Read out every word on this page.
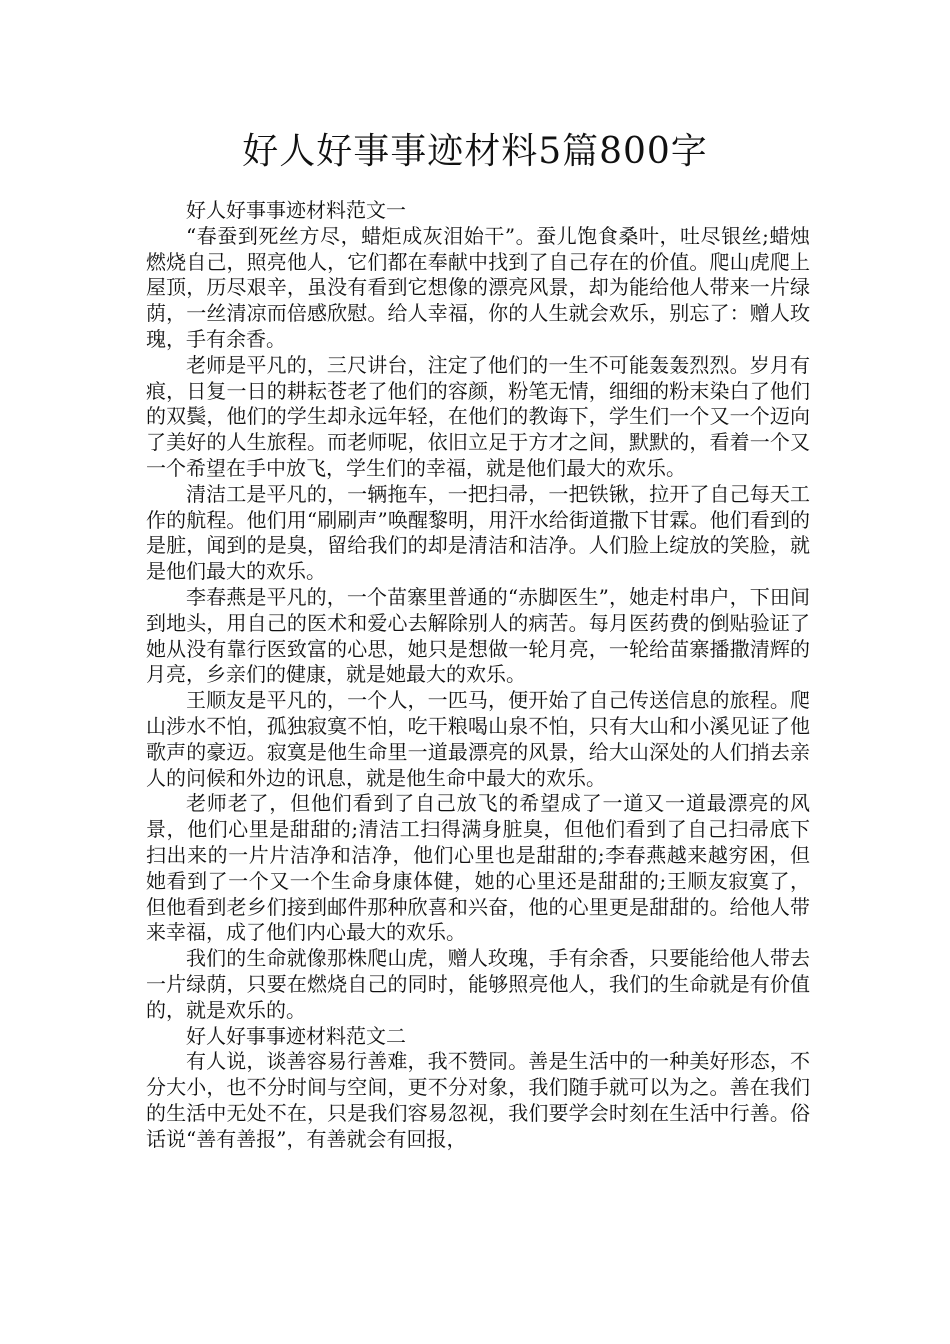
好人好事事迹材料5篇800字

好人好事事迹材料范文一

“春蚕到死丝方尽，蜡炬成灰泪始干”。蚕儿饱食桑叶，吐尽银丝;蜡烛燃烧自己，照亮他人，它们都在奉献中找到了自己存在的价值。爬山虎爬上屋顶，历尽艰辛，虽没有看到它想像的漂亮风景，却为能给他人带来一片绿荫，一丝清凉而倍感欣慰。给人幸福，你的人生就会欢乐，别忘了：赠人玫瑰，手有余香。

老师是平凡的，三尺讲台，注定了他们的一生不可能轰轰烈烈。岁月有痕，日复一日的耕耘苍老了他们的容颜，粉笔无情，细细的粉末染白了他们的双鬓，他们的学生却永远年轻，在他们的教诲下，学生们一个又一个迈向了美好的人生旅程。而老师呢，依旧立足于方才之间，默默的，看着一个又一个希望在手中放飞，学生们的幸福，就是他们最大的欢乐。

清洁工是平凡的，一辆拖车，一把扫帚，一把铁锹，拉开了自己每天工作的航程。他们用“刷刷声”唤醒黎明，用汗水给街道撒下甘霖。他们看到的是脏，闻到的是臭，留给我们的却是清洁和洁净。人们脸上绽放的笑脸，就是他们最大的欢乐。

李春燕是平凡的，一个苗寨里普通的“赤脚医生”，她走村串户，下田间到地头，用自己的医术和爱心去解除别人的病苦。每月医药费的倒贴验证了她从没有靠行医致富的心思，她只是想做一轮月亮，一轮给苗寨播撒清辉的月亮，乡亲们的健康，就是她最大的欢乐。

王顺友是平凡的，一个人，一匹马，便开始了自己传送信息的旅程。爬山涉水不怕，孤独寂寞不怕，吃干粮喝山泉不怕，只有大山和小溪见证了他歌声的豪迈。寂寞是他生命里一道最漂亮的风景，给大山深处的人们捎去亲人的问候和外边的讯息，就是他生命中最大的欢乐。

老师老了，但他们看到了自己放飞的希望成了一道又一道最漂亮的风景，他们心里是甜甜的;清洁工扫得满身脏臭，但他们看到了自己扫帚底下扫出来的一片片洁净和洁净，他们心里也是甜甜的;李春燕越来越穷困，但她看到了一个又一个生命身康体健，她的心里还是甜甜的;王顺友寂寞了，但他看到老乡们接到邮件那种欣喜和兴奋，他的心里更是甜甜的。给他人带来幸福，成了他们内心最大的欢乐。

我们的生命就像那株爬山虎，赠人玫瑰，手有余香，只要能给他人带去一片绿荫，只要在燃烧自己的同时，能够照亮他人，我们的生命就是有价值的，就是欢乐的。

好人好事事迹材料范文二

有人说，谈善容易行善难，我不赞同。善是生活中的一种美好形态，不分大小，也不分时间与空间，更不分对象，我们随手就可以为之。善在我们的生活中无处不在，只是我们容易忽视，我们要学会时刻在生活中行善。俗话说“善有善报”，有善就会有回报，
